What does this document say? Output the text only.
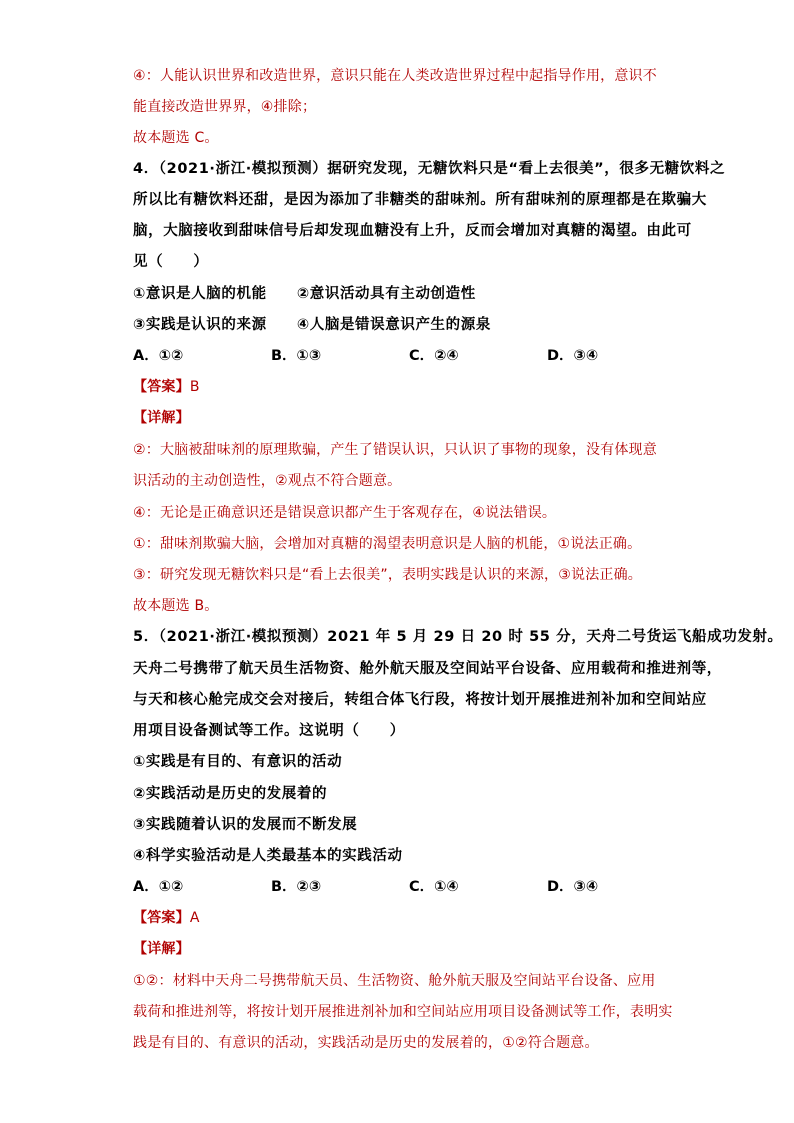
④：人能认识世界和改造世界，意识只能在人类改造世界过程中起指导作用，意识不
能直接改造世界界，④排除；
故本题选 C。
4．（2021·浙江·模拟预测）据研究发现，无糖饮料只是“看上去很美”，很多无糖饮料之
所以比有糖饮料还甜，是因为添加了非糖类的甜味剂。所有甜味剂的原理都是在欺骗大
脑，大脑接收到甜味信号后却发现血糖没有上升，反而会增加对真糖的渴望。由此可
见（　　）
①意识是人脑的机能　　②意识活动具有主动创造性
③实践是认识的来源　　④人脑是错误意识产生的源泉
A．①②	B．①③	C．②④	D．③④
【答案】B
【详解】
②：大脑被甜味剂的原理欺骗，产生了错误认识，只认识了事物的现象，没有体现意
识活动的主动创造性，②观点不符合题意。
④：无论是正确意识还是错误意识都产生于客观存在，④说法错误。
①：甜味剂欺骗大脑，会增加对真糖的渴望表明意识是人脑的机能，①说法正确。
③：研究发现无糖饮料只是“看上去很美”，表明实践是认识的来源，③说法正确。
故本题选 B。
5．（2021·浙江·模拟预测）2021 年 5 月 29 日 20 时 55 分，天舟二号货运飞船成功发射。
天舟二号携带了航天员生活物资、舱外航天服及空间站平台设备、应用载荷和推进剂等，
与天和核心舱完成交会对接后，转组合体飞行段，将按计划开展推进剂补加和空间站应
用项目设备测试等工作。这说明（　　）
①实践是有目的、有意识的活动
②实践活动是历史的发展着的
③实践随着认识的发展而不断发展
④科学实验活动是人类最基本的实践活动
A．①②	B．②③	C．①④	D．③④
【答案】A
【详解】
①②：材料中天舟二号携带航天员、生活物资、舱外航天服及空间站平台设备、应用
载荷和推进剂等，将按计划开展推进剂补加和空间站应用项目设备测试等工作，表明实
践是有目的、有意识的活动，实践活动是历史的发展着的，①②符合题意。
